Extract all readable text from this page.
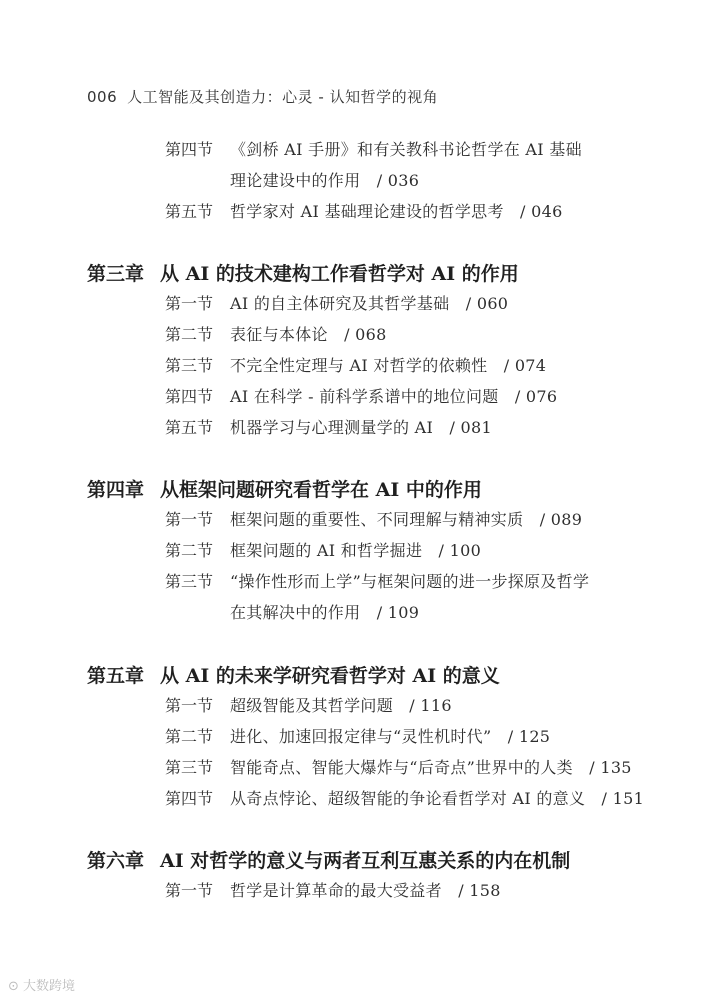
006 人工智能及其创造力：心灵 - 认知哲学的视角
第四节 《剑桥 AI 手册》和有关教科书论哲学在 AI 基础
理论建设中的作用　/ 036
第五节 哲学家对 AI 基础理论建设的哲学思考　/ 046
第三章 从 AI 的技术建构工作看哲学对 AI 的作用
第一节 AI 的自主体研究及其哲学基础　/ 060
第二节 表征与本体论　/ 068
第三节 不完全性定理与 AI 对哲学的依赖性　/ 074
第四节 AI 在科学 - 前科学系谱中的地位问题　/ 076
第五节 机器学习与心理测量学的 AI　/ 081
第四章 从框架问题研究看哲学在 AI 中的作用
第一节 框架问题的重要性、不同理解与精神实质　/ 089
第二节 框架问题的 AI 和哲学掘进　/ 100
第三节 “操作性形而上学”与框架问题的进一步探原及哲学
在其解决中的作用　/ 109
第五章 从 AI 的未来学研究看哲学对 AI 的意义
第一节 超级智能及其哲学问题　/ 116
第二节 进化、加速回报定律与“灵性机时代”　/ 125
第三节 智能奇点、智能大爆炸与“后奇点”世界中的人类　/ 135
第四节 从奇点悖论、超级智能的争论看哲学对 AI 的意义　/ 151
第六章 AI 对哲学的意义与两者互利互惠关系的内在机制
第一节 哲学是计算革命的最大受益者　/ 158
⊙ 大数跨境
